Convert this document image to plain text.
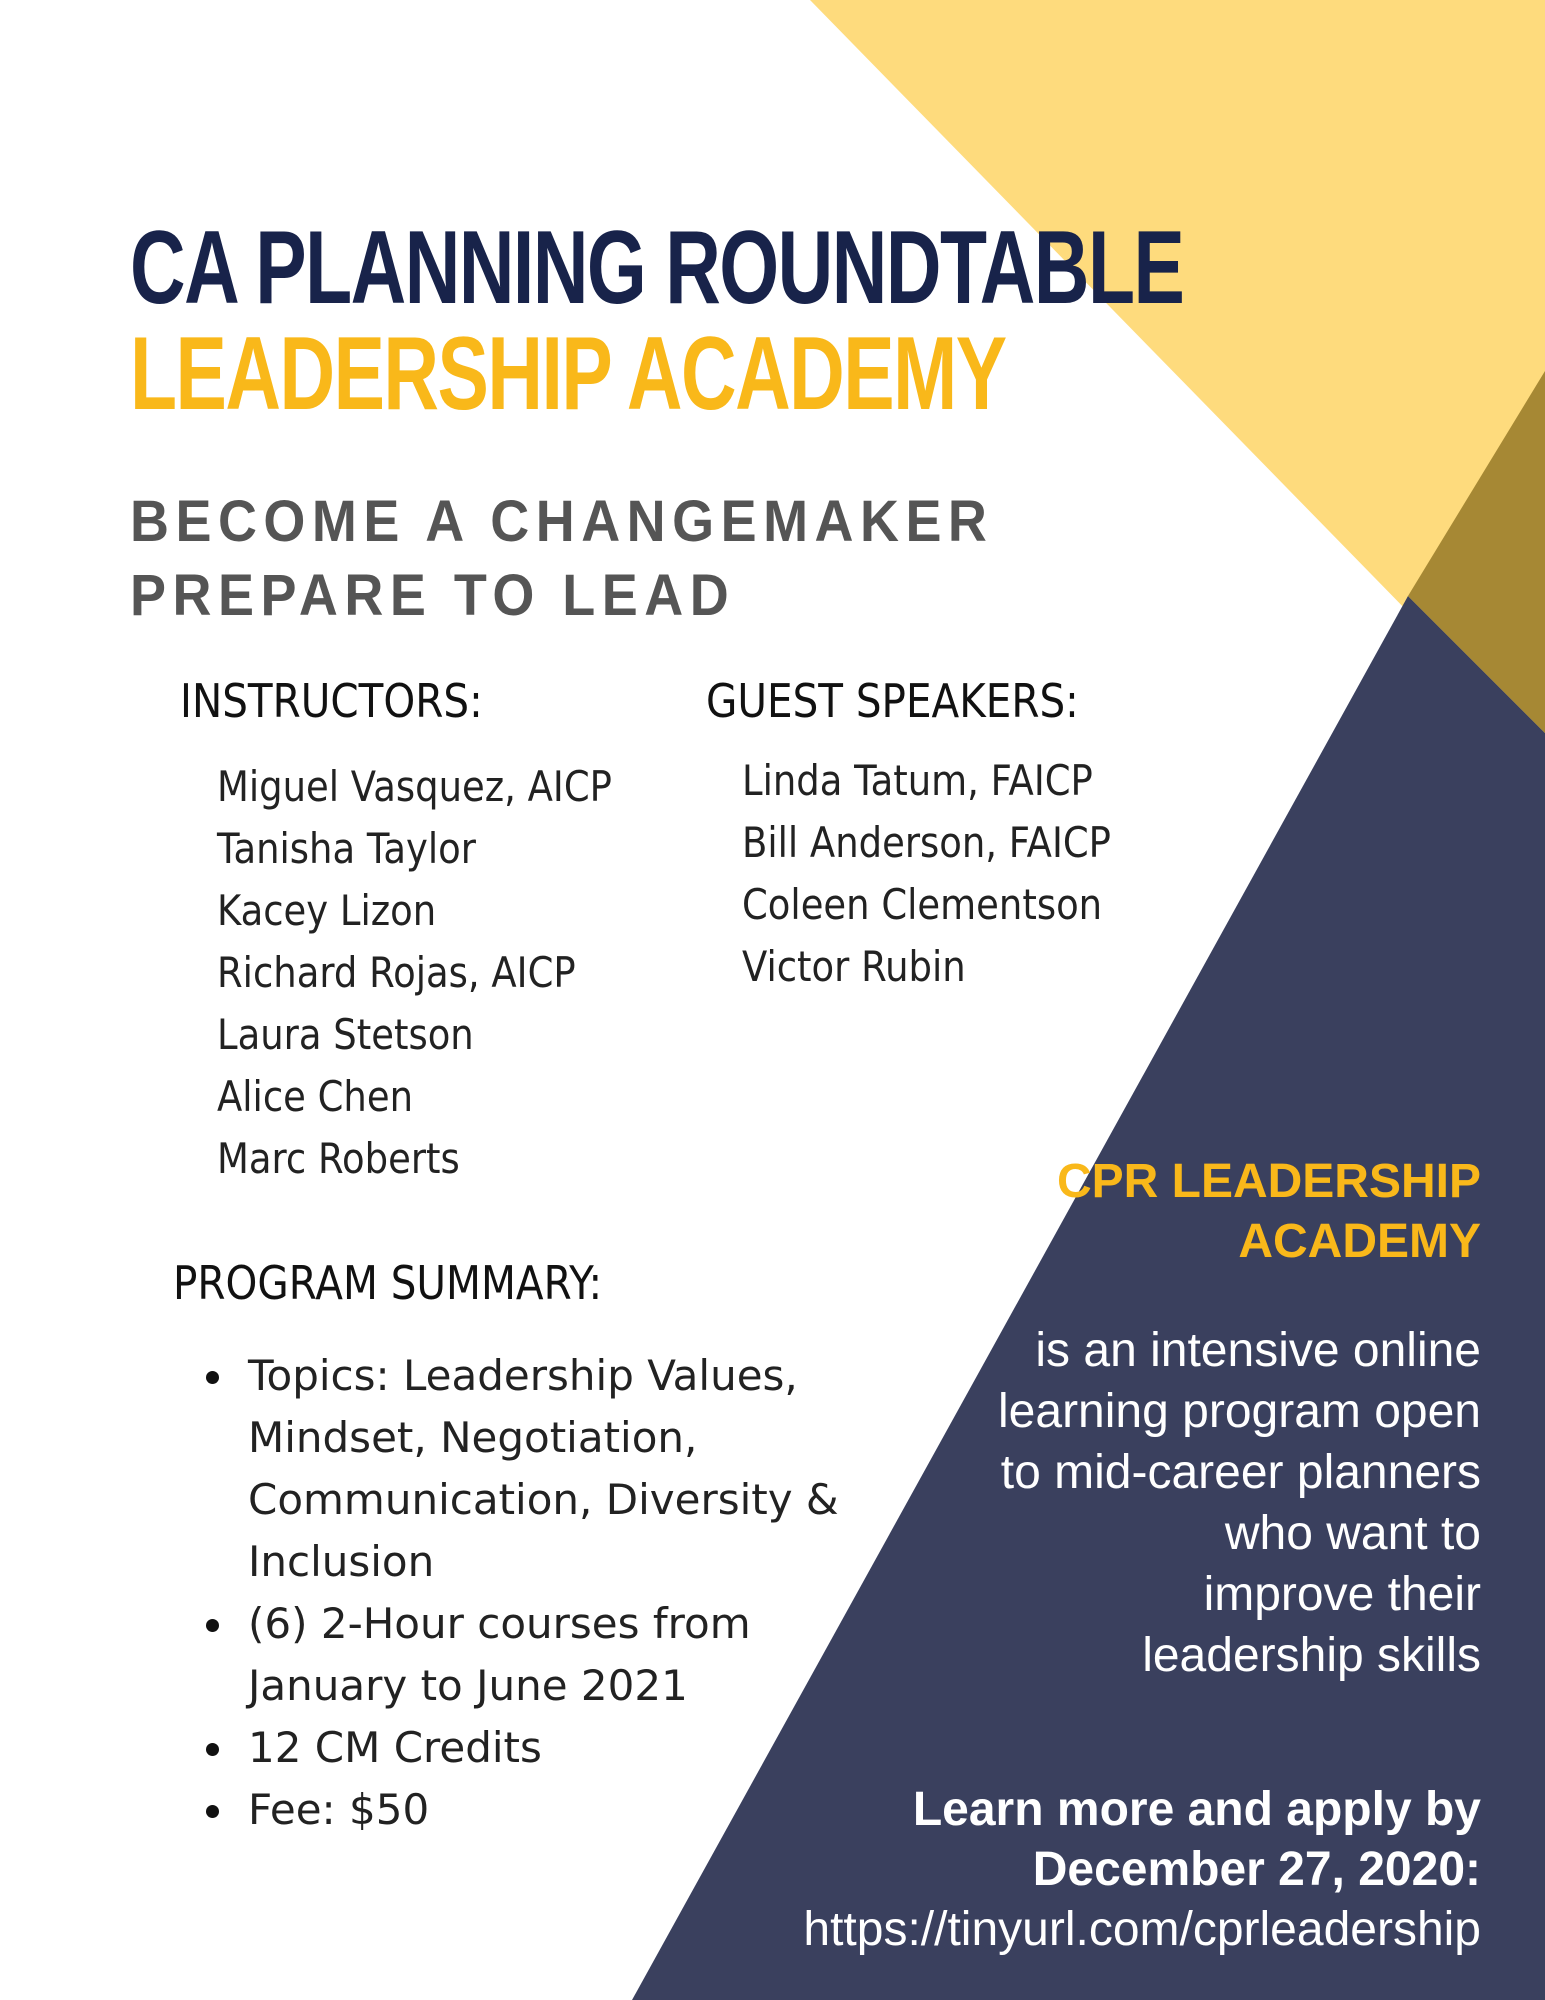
CA PLANNING ROUNDTABLE
LEADERSHIP ACADEMY
BECOME A CHANGEMAKER
PREPARE TO LEAD
INSTRUCTORS:
Miguel Vasquez, AICP
Tanisha Taylor
Kacey Lizon
Richard Rojas, AICP
Laura Stetson
Alice Chen
Marc Roberts
GUEST SPEAKERS:
Linda Tatum, FAICP
Bill Anderson, FAICP
Coleen Clementson
Victor Rubin
PROGRAM SUMMARY:
Topics: Leadership Values, Mindset, Negotiation, Communication, Diversity & Inclusion
(6) 2-Hour courses from January to June 2021
12 CM Credits
Fee: $50
CPR LEADERSHIP
ACADEMY
is an intensive online
learning program open
to mid-career planners
who want to
improve their
leadership skills
Learn more and apply by
December 27, 2020:
https://tinyurl.com/cprleadership
